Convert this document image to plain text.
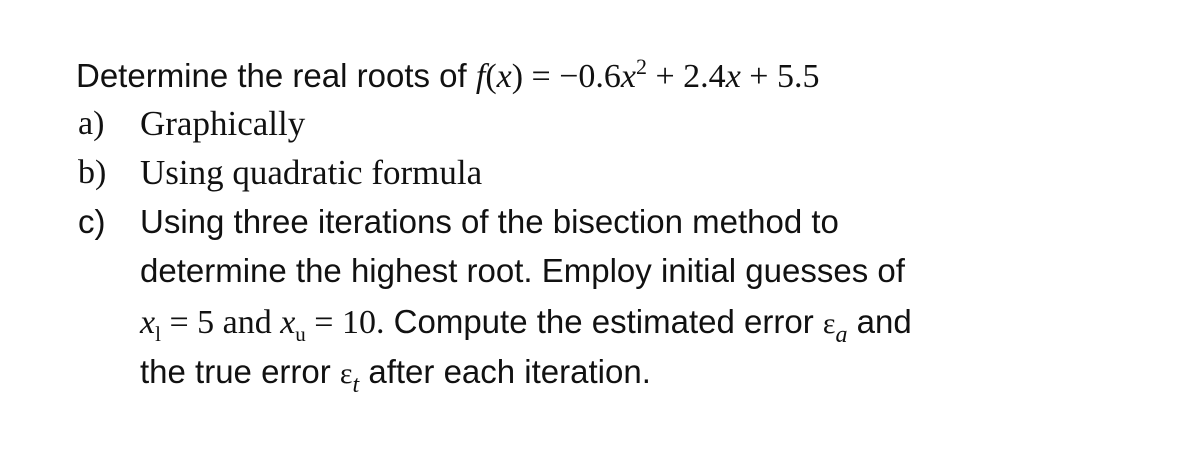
Determine the real roots of $f(x) = -0.6x^2 + 2.4x + 5.5$
a) Graphically
b) Using quadratic formula
c) Using three iterations of the bisection method to
determine the highest root. Employ initial guesses of
$x_l = 5$ and $x_u = 10$. Compute the estimated error $\varepsilon_a$ and
the true error $\varepsilon_t$ after each iteration.
